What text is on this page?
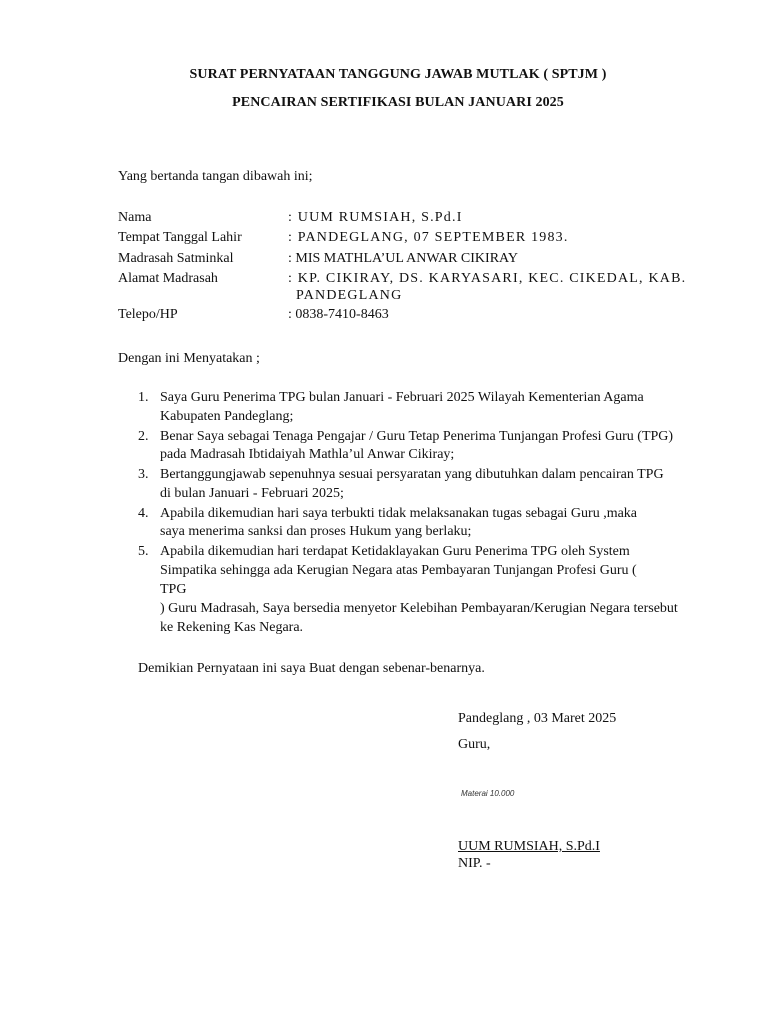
SURAT PERNYATAAN TANGGUNG JAWAB MUTLAK ( SPTJM )
PENCAIRAN SERTIFIKASI BULAN JANUARI 2025
Yang bertanda tangan dibawah ini;
Nama	: UUM RUMSIAH, S.Pd.I
Tempat Tanggal Lahir	: PANDEGLANG, 07 SEPTEMBER 1983.
Madrasah Satminkal	: MIS MATHLA’UL ANWAR CIKIRAY
Alamat Madrasah	: KP. CIKIRAY, DS. KARYASARI, KEC. CIKEDAL, KAB.
PANDEGLANG
Telepo/HP	: 0838-7410-8463
Dengan ini Menyatakan ;
1. Saya Guru Penerima TPG bulan Januari - Februari 2025 Wilayah Kementerian Agama
Kabupaten Pandeglang;
2. Benar Saya sebagai Tenaga Pengajar / Guru Tetap Penerima Tunjangan Profesi Guru (TPG)
pada Madrasah Ibtidaiyah Mathla’ul Anwar Cikiray;
3. Bertanggungjawab sepenuhnya sesuai persyaratan yang dibutuhkan dalam pencairan TPG
di bulan Januari - Februari 2025;
4. Apabila dikemudian hari saya terbukti tidak melaksanakan tugas sebagai Guru ,maka
saya menerima sanksi dan proses Hukum yang berlaku;
5. Apabila dikemudian hari terdapat Ketidaklayakan Guru Penerima TPG oleh System
Simpatika sehingga ada Kerugian Negara atas Pembayaran Tunjangan Profesi Guru (
TPG
) Guru Madrasah, Saya bersedia menyetor Kelebihan Pembayaran/Kerugian Negara tersebut
ke Rekening Kas Negara.
Demikian Pernyataan ini saya Buat dengan sebenar-benarnya.
Pandeglang , 03 Maret 2025
Guru,
Materai 10.000
UUM RUMSIAH, S.Pd.I
NIP. -
